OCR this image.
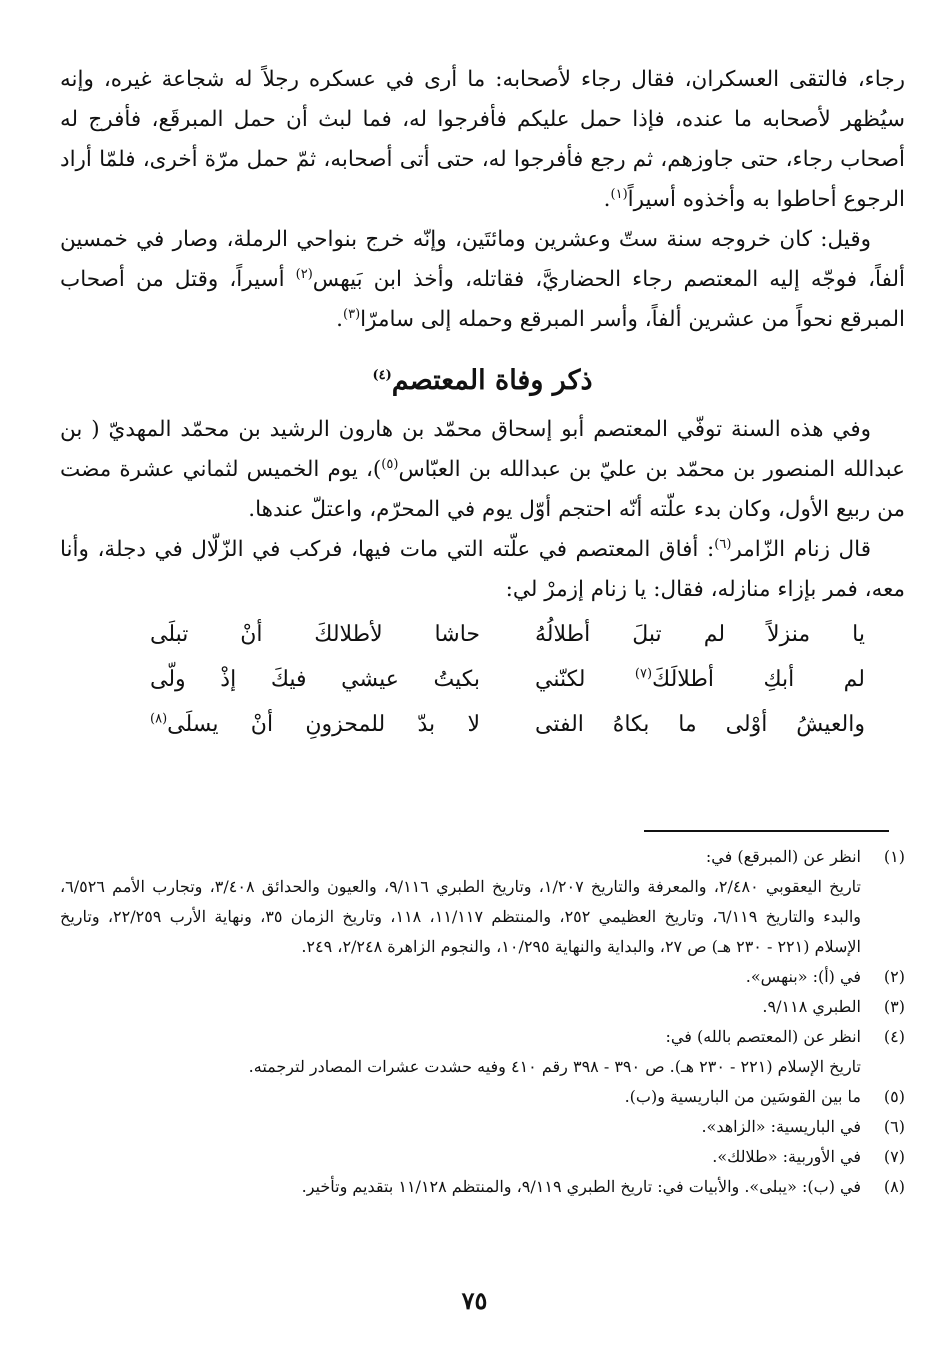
رجاء، فالتقى العسكران، فقال رجاء لأصحابه: ما أرى في عسكره رجلاً له شجاعة غيره، وإنه سيُظهر لأصحابه ما عنده، فإذا حمل عليكم فأفرجوا له، فما لبث أن حمل المبرقَع، فأفرج له أصحاب رجاء، حتى جاوزهم، ثم رجع فأفرجوا له، حتى أتى أصحابه، ثمّ حمل مرّة أخرى، فلمّا أراد الرجوع أحاطوا به وأخذوه أسيراً$^{(١)}$.

وقيل: كان خروجه سنة ستّ وعشرين ومائتَين، وإنّه خرج بنواحي الرملة، وصار في خمسين ألفاً، فوجّه إليه المعتصم رجاء الحضاريَّ، فقاتله، وأخذ ابن بَيهس$^{(٢)}$ أسيراً، وقتل من أصحاب المبرقع نحواً من عشرين ألفاً، وأسر المبرقع وحمله إلى سامرّا$^{(٣)}$.

ذكر وفاة المعتصم$^{(٤)}$

وفي هذه السنة توفّي المعتصم أبو إسحاق محمّد بن هارون الرشيد بن محمّد المهديّ ( بن عبدالله المنصور بن محمّد بن عليّ بن عبدالله بن العبّاس$^{(٥)}$)، يوم الخميس لثماني عشرة مضت من ربيع الأول، وكان بدء علّته أنّه احتجم أوّل يوم في المحرّم، واعتلّ عندها.

قال زنام الزّامر$^{(٦)}$: أفاق المعتصم في علّته التي مات فيها، فركب في الزّلّال في دجلة، وأنا معه، فمر بإزاء منازله، فقال: يا زنام إزمرْ لي:

يا منزلاً لم تبلَ أطلالُهُ
حاشا لأطلالكَ أنْ تبلَى
لم أبكِ أطلالَكَ$^{(٧)}$ لكنّني
بكيتُ عيشي فيكَ إذْ ولّى
والعيشُ أوْلى ما بكاهُ الفتى
لا بدّ للمحزونِ أنْ يسلَى$^{(٨)}$
(١)
انظر عن (المبرقع) في:
تاريخ اليعقوبي ٢/٤٨٠، والمعرفة والتاريخ ١/٢٠٧، وتاريخ الطبري ٩/١١٦، والعيون والحدائق ٣/٤٠٨، وتجارب الأمم ٦/٥٢٦، والبدء والتاريخ ٦/١١٩، وتاريخ العظيمي ٢٥٢، والمنتظم ١١/١١٧، ١١٨، وتاريخ الزمان ٣٥، ونهاية الأرب ٢٢/٢٥٩، وتاريخ الإسلام (٢٢١ - ٢٣٠ هـ) ص ٢٧، والبداية والنهاية ١٠/٢٩٥، والنجوم الزاهرة ٢/٢٤٨، ٢٤٩.
(٢)
في (أ): «بنهس».
(٣)
الطبري ٩/١١٨.
(٤)
انظر عن (المعتصم بالله) في:
تاريخ الإسلام (٢٢١ - ٢٣٠ هـ). ص ٣٩٠ - ٣٩٨ رقم ٤١٠ وفيه حشدت عشرات المصادر لترجمته.
(٥)
ما بين القوسَين من الباريسية و(ب).
(٦)
في الباريسية: «الزاهد».
(٧)
في الأوربية: «طلالك».
(٨)
في (ب): «يبلى». والأبيات في: تاريخ الطبري ٩/١١٩، والمنتظم ١١/١٢٨ بتقديم وتأخير.
٧٥
